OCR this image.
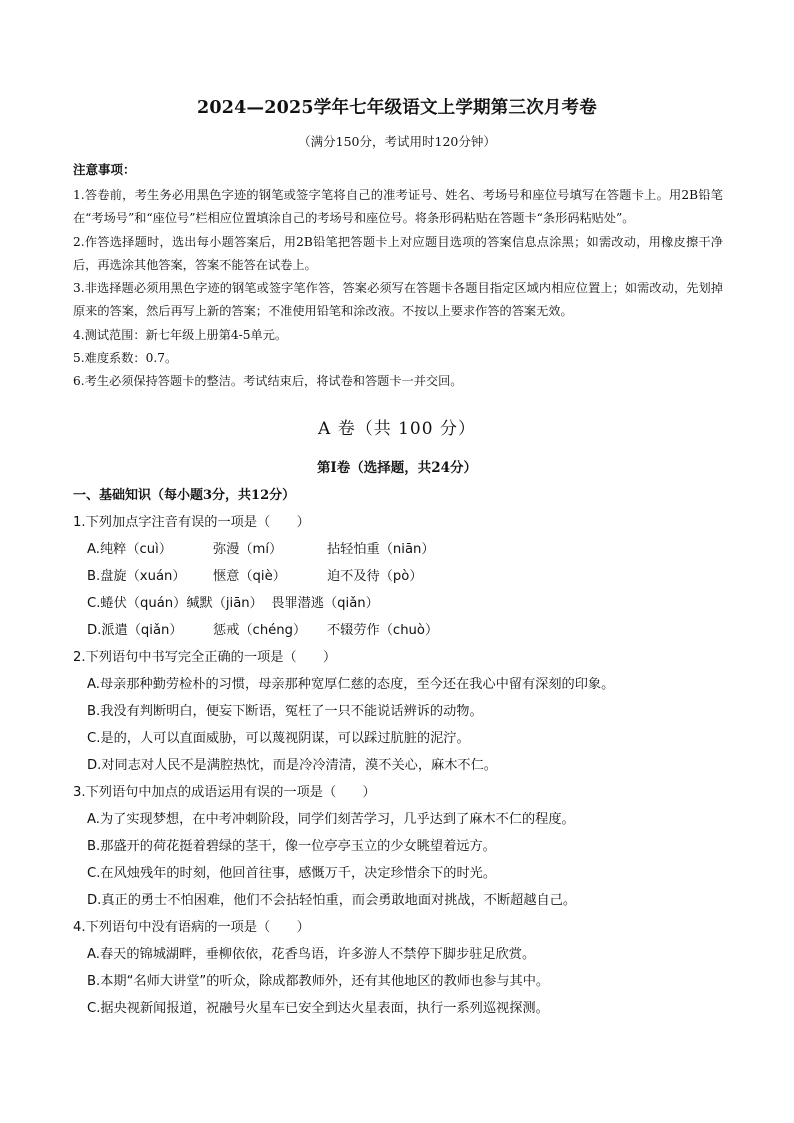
2024—2025学年七年级语文上学期第三次月考卷
（满分150分，考试用时120分钟）
注意事项：

1.答卷前，考生务必用黑色字迹的钢笔或签字笔将自己的准考证号、姓名、考场号和座位号填写在答题卡上。用2B铅笔在“考场号”和“座位号”栏相应位置填涂自己的考场号和座位号。将条形码粘贴在答题卡“条形码粘贴处”。

2.作答选择题时，选出每小题答案后，用2B铅笔把答题卡上对应题目选项的答案信息点涂黑；如需改动，用橡皮擦干净后，再选涂其他答案，答案不能答在试卷上。

3.非选择题必须用黑色字迹的钢笔或签字笔作答，答案必须写在答题卡各题目指定区域内相应位置上；如需改动，先划掉原来的答案，然后再写上新的答案；不准使用铅笔和涂改液。不按以上要求作答的答案无效。

4.测试范围：新七年级上册第4-5单元。

5.难度系数：0.7。

6.考生必须保持答题卡的整洁。考试结束后，将试卷和答题卡一并交回。

A 卷（共 100 分）
第Ⅰ卷（选择题，共24分）
一、基础知识（每小题3分，共12分）

1.下列加点字注音有误的一项是（　　）

A.纯粹（cuì）	弥漫（mí）	拈轻怕重（niān）

B.盘旋（xuán） 惬意（qiè）	迫不及待（pò）

C.蜷伏（quán）缄默（jiān） 畏罪潜逃（qiǎn）

D.派遣（qiǎn） 惩戒（chéng） 不辍劳作（chuò）

2.下列语句中书写完全正确的一项是（　　）

A.母亲那种勤劳检朴的习惯，母亲那种宽厚仁慈的态度，至今还在我心中留有深刻的印象。

B.我没有判断明白，便妄下断语，冤枉了一只不能说话辨诉的动物。

C.是的，人可以直面威胁，可以蔑视阴谋，可以踩过肮脏的泥泞。

D.对同志对人民不是满腔热忱，而是冷冷清清，漠不关心，麻木不仁。

3.下列语句中加点的成语运用有误的一项是（　　）

A.为了实现梦想，在中考冲刺阶段，同学们刻苦学习，几乎达到了麻木不仁的程度。

B.那盛开的荷花挺着碧绿的茎干，像一位亭亭玉立的少女眺望着远方。

C.在风烛残年的时刻，他回首往事，感慨万千，决定珍惜余下的时光。

D.真正的勇士不怕困难，他们不会拈轻怕重，而会勇敢地面对挑战，不断超越自己。

4.下列语句中没有语病的一项是（　　）

A.春天的锦城湖畔，垂柳依依，花香鸟语，许多游人不禁停下脚步驻足欣赏。

B.本期“名师大讲堂”的听众，除成都教师外，还有其他地区的教师也参与其中。

C.据央视新闻报道，祝融号火星车已安全到达火星表面，执行一系列巡视探测。
